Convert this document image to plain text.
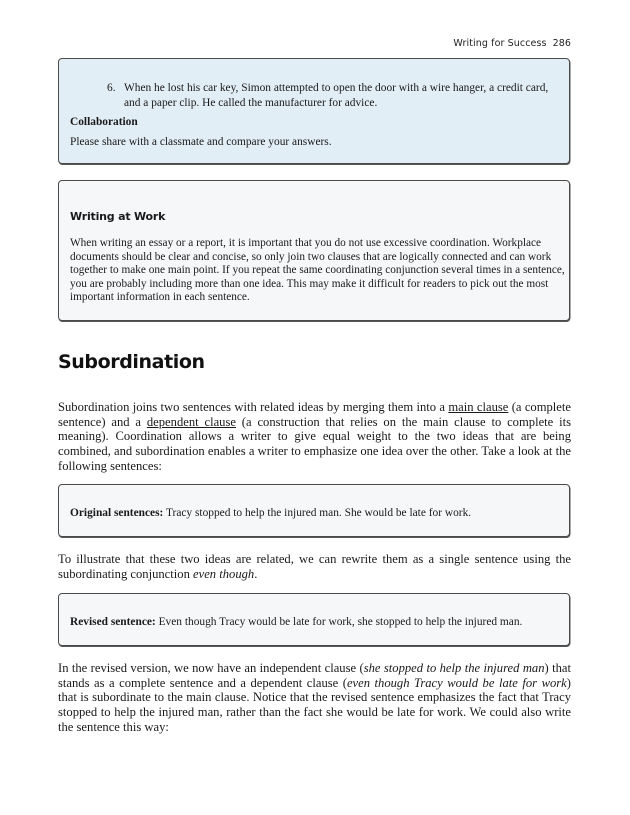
Writing for Success 286
6. When he lost his car key, Simon attempted to open the door with a wire hanger, a credit card, and a paper clip. He called the manufacturer for advice.
Collaboration
Please share with a classmate and compare your answers.
Writing at Work
When writing an essay or a report, it is important that you do not use excessive coordination. Workplace documents should be clear and concise, so only join two clauses that are logically connected and can work together to make one main point. If you repeat the same coordinating conjunction several times in a sentence, you are probably including more than one idea. This may make it difficult for readers to pick out the most important information in each sentence.
Subordination
Subordination joins two sentences with related ideas by merging them into a main clause (a complete sentence) and a dependent clause (a construction that relies on the main clause to complete its meaning). Coordination allows a writer to give equal weight to the two ideas that are being combined, and subordination enables a writer to emphasize one idea over the other. Take a look at the following sentences:
Original sentences: Tracy stopped to help the injured man. She would be late for work.
To illustrate that these two ideas are related, we can rewrite them as a single sentence using the subordinating conjunction even though.
Revised sentence: Even though Tracy would be late for work, she stopped to help the injured man.
In the revised version, we now have an independent clause (she stopped to help the injured man) that stands as a complete sentence and a dependent clause (even though Tracy would be late for work) that is subordinate to the main clause. Notice that the revised sentence emphasizes the fact that Tracy stopped to help the injured man, rather than the fact she would be late for work. We could also write the sentence this way:
